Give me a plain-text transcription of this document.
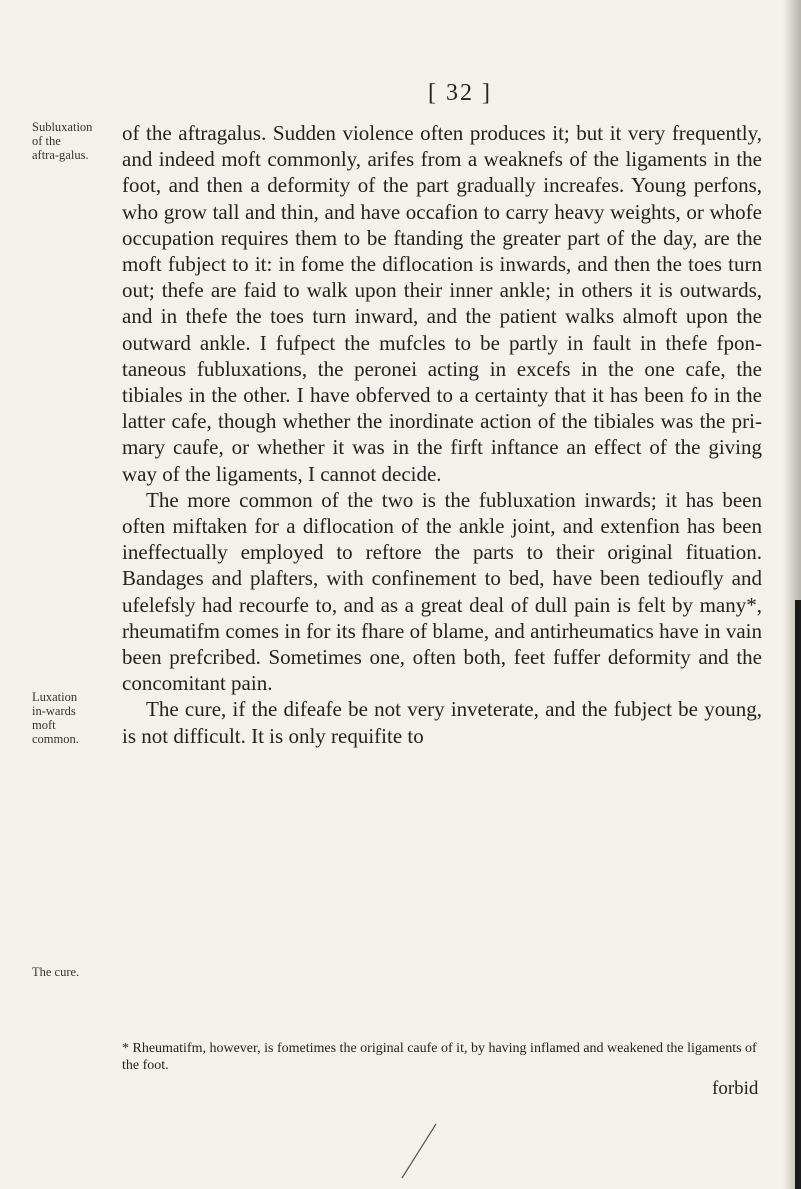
[ 32 ]
Subluxation of the aftra-galus.
Luxation in-wards moft common.
The cure.

of the aftragalus. Sudden violence often produces it; but it very frequently, and indeed moft commonly, arifes from a weaknefs of the ligaments in the foot, and then a deformity of the part gradually increafes. Young perfons, who grow tall and thin, and have occafion to carry heavy weights, or whofe occupation requires them to be ftanding the greater part of the day, are the moft fubject to it: in fome the diflocation is inwards, and then the toes turn out; thefe are faid to walk upon their inner ankle; in others it is outwards, and in thefe the toes turn inward, and the patient walks almoft upon the outward ankle. I fufpect the mufcles to be partly in fault in thefe fpon-taneous fubluxations, the peronei acting in excefs in the one cafe, the tibiales in the other. I have obferved to a certainty that it has been fo in the latter cafe, though whether the inordinate action of the tibiales was the pri-mary caufe, or whether it was in the firft inftance an effect of the giving way of the ligaments, I cannot decide.

The more common of the two is the fubluxation inwards; it has been often miftaken for a diflocation of the ankle joint, and extenfion has been ineffectually employed to reftore the parts to their original fituation. Bandages and plafters, with confinement to bed, have been tedioufly and ufelefsly had recourfe to, and as a great deal of dull pain is felt by many*, rheumatifm comes in for its fhare of blame, and antirheumatics have in vain been prefcribed. Sometimes one, often both, feet fuffer deformity and the concomitant pain.

The cure, if the difeafe be not very inveterate, and the fubject be young, is not difficult. It is only requifite to

* Rheumatifm, however, is fometimes the original caufe of it, by having inflamed and weakened the ligaments of the foot.
forbid
